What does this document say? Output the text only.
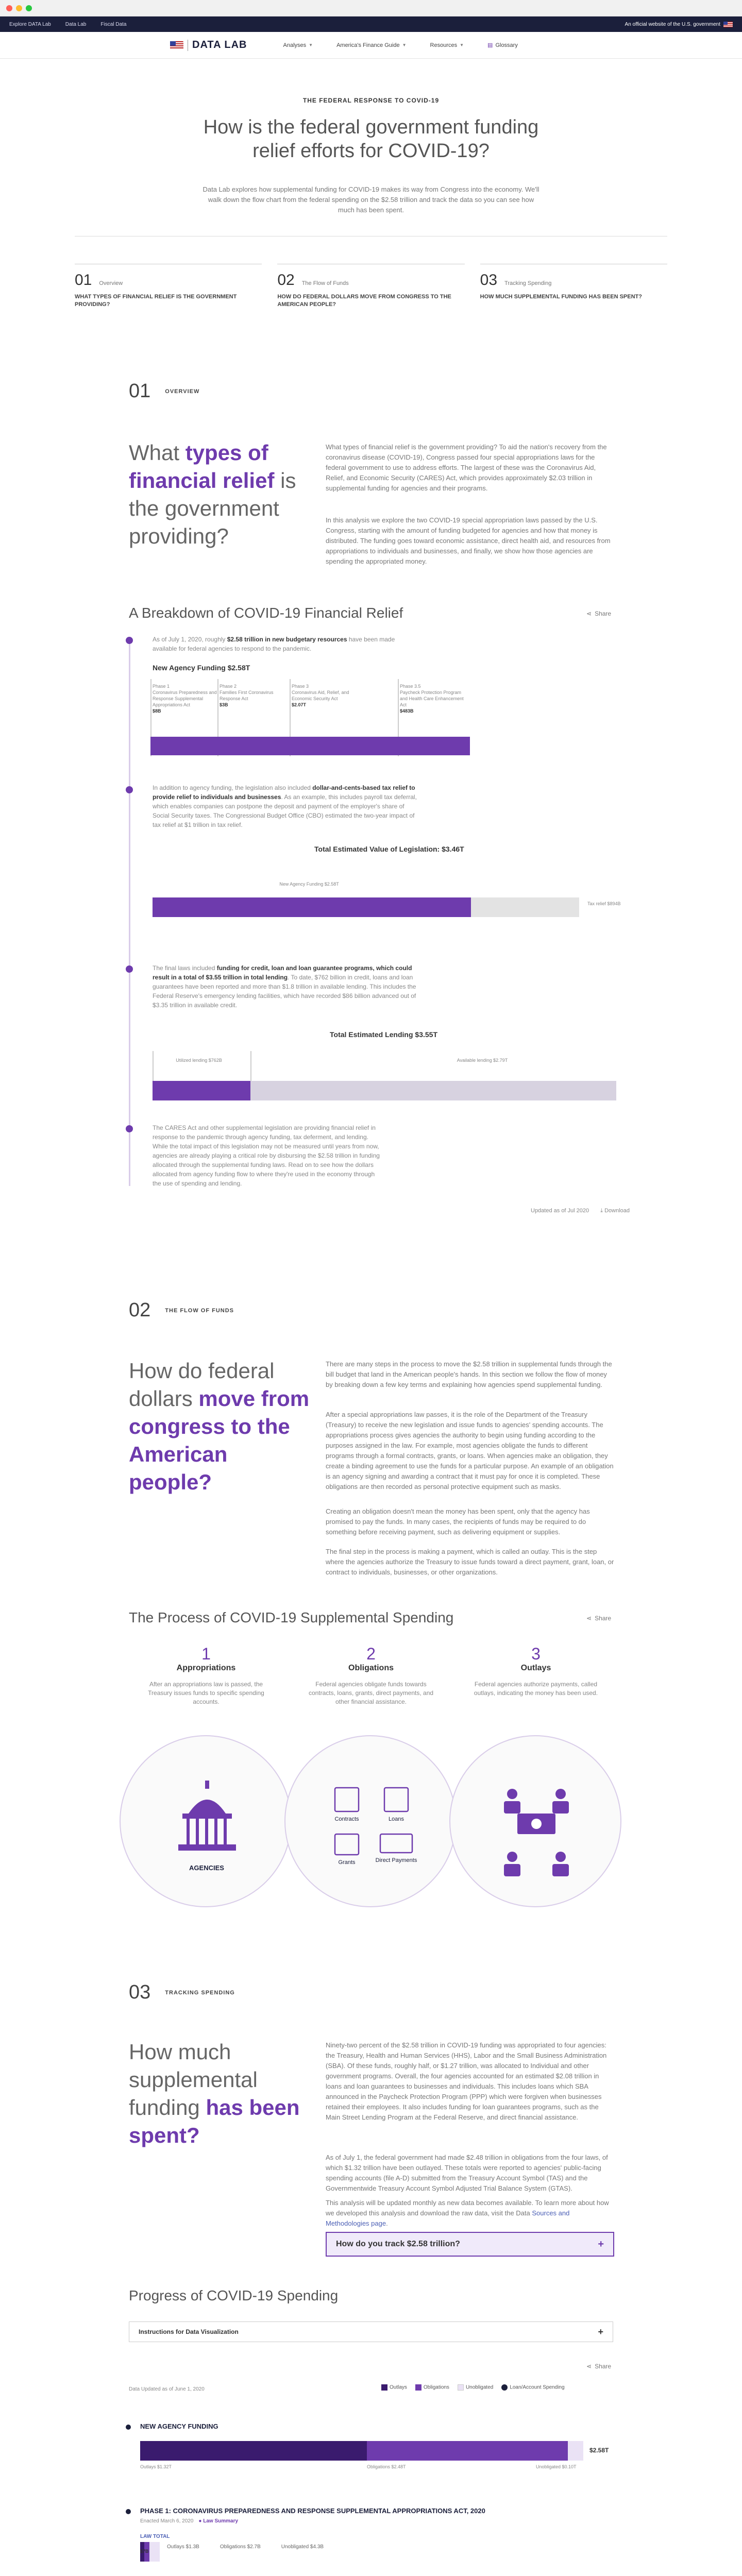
Explore DATA Lab	Data Lab	Fiscal Data	An official website of the U.S. government
DATA LAB	Analyses ▼	America's Finance Guide ▼	Resources ▼	▤ Glossary
THE FEDERAL RESPONSE TO COVID-19
How is the federal government funding relief efforts for COVID-19?
Data Lab explores how supplemental funding for COVID-19 makes its way from Congress into the economy. We'll walk down the flow chart from the federal spending on the $2.58 trillion and track the data so you can see how much has been spent.
01 Overview
WHAT TYPES OF FINANCIAL RELIEF IS THE GOVERNMENT PROVIDING?
02 The Flow of Funds
HOW DO FEDERAL DOLLARS MOVE FROM CONGRESS TO THE AMERICAN PEOPLE?
03 Tracking Spending
HOW MUCH SUPPLEMENTAL FUNDING HAS BEEN SPENT?
01	OVERVIEW
What types of financial relief is the government providing?
What types of financial relief is the government providing? To aid the nation's recovery from the coronavirus disease (COVID-19), Congress passed four special appropriations laws for the federal government to use to address efforts. The largest of these was the Coronavirus Aid, Relief, and Economic Security (CARES) Act, which provides approximately $2.03 trillion in supplemental funding for agencies and their programs.
In this analysis we explore the two COVID-19 special appropriation laws passed by the U.S. Congress, starting with the amount of funding budgeted for agencies and how that money is distributed. The funding goes toward economic assistance, direct health aid, and resources from appropriations to individuals and businesses, and finally, we show how those agencies are spending the appropriated money.
A Breakdown of COVID-19 Financial Relief	⋖ Share
As of July 1, 2020, roughly $2.58 trillion in new budgetary resources have been made available for federal agencies to respond to the pandemic.
New Agency Funding $2.58T
Phase 1
Coronavirus Preparedness and Response Supplemental Appropriations Act
$8B
Phase 2
Families First Coronavirus Response Act
$3B
Phase 3
Coronavirus Aid, Relief, and Economic Security Act
$2.07T
Phase 3.5
Paycheck Protection Program and Health Care Enhancement Act
$483B
In addition to agency funding, the legislation also included dollar-and-cents-based tax relief to provide relief to individuals and businesses. As an example, this includes payroll tax deferral, which enables companies can postpone the deposit and payment of the employer's share of Social Security taxes. The Congressional Budget Office (CBO) estimated the two-year impact of tax relief at $1 trillion in tax relief.
Total Estimated Value of Legislation: $3.46T
New Agency Funding $2.58T
Tax relief $894B
The final laws included funding for credit, loan and loan guarantee programs, which could result in a total of $3.55 trillion in total lending. To date, $762 billion in credit, loans and loan guarantees have been reported and more than $1.8 trillion in available lending. This includes the Federal Reserve's emergency lending facilities, which have recorded $86 billion advanced out of $3.35 trillion in available credit.
Total Estimated Lending $3.55T
Utilized lending $762B	Available lending $2.79T
The CARES Act and other supplemental legislation are providing financial relief in response to the pandemic through agency funding, tax deferment, and lending. While the total impact of this legislation may not be measured until years from now, agencies are already playing a critical role by disbursing the $2.58 trillion in funding allocated through the supplemental funding laws. Read on to see how the dollars allocated from agency funding flow to where they're used in the economy through the use of spending and lending.
Updated as of Jul 2020 ⤓ Download
02	THE FLOW OF FUNDS
How do federal dollars move from congress to the American people?
There are many steps in the process to move the $2.58 trillion in supplemental funds through the bill budget that land in the American people's hands. In this section we follow the flow of money by breaking down a few key terms and explaining how agencies spend supplemental funding.
After a special appropriations law passes, it is the role of the Department of the Treasury (Treasury) to receive the new legislation and issue funds to agencies' spending accounts. The appropriations process gives agencies the authority to begin using funding according to the purposes assigned in the law. For example, most agencies obligate the funds to different programs through a formal contracts, grants, or loans. When agencies make an obligation, they create a binding agreement to use the funds for a particular purpose. An example of an obligation is an agency signing and awarding a contract that it must pay for once it is completed. These obligations are then recorded as personal protective equipment such as masks.
Creating an obligation doesn't mean the money has been spent, only that the agency has promised to pay the funds. In many cases, the recipients of funds may be required to do something before receiving payment, such as delivering equipment or supplies.
The final step in the process is making a payment, which is called an outlay. This is the step where the agencies authorize the Treasury to issue funds toward a direct payment, grant, loan, or contract to individuals, businesses, or other organizations.
The Process of COVID-19 Supplemental Spending	⋖ Share
1
Appropriations
After an appropriations law is passed, the Treasury issues funds to specific spending accounts.
2
Obligations
Federal agencies obligate funds towards contracts, loans, grants, direct payments, and other financial assistance.
3
Outlays
Federal agencies authorize payments, called outlays, indicating the money has been used.
AGENCIES
Contracts	Loans
Grants	Direct Payments
03	TRACKING SPENDING
How much supplemental funding has been spent?
Ninety-two percent of the $2.58 trillion in COVID-19 funding was appropriated to four agencies: the Treasury, Health and Human Services (HHS), Labor and the Small Business Administration (SBA). Of these funds, roughly half, or $1.27 trillion, was allocated to Individual and other government programs. Overall, the four agencies accounted for an estimated $2.08 trillion in loans and loan guarantees to businesses and individuals. This includes loans which SBA announced in the Paycheck Protection Program (PPP) which were forgiven when businesses retained their employees. It also includes funding for loan guarantees programs, such as the Main Street Lending Program at the Federal Reserve, and direct financial assistance.
As of July 1, the federal government had made $2.48 trillion in obligations from the four laws, of which $1.32 trillion have been outlayed. These totals were reported to agencies' public-facing spending accounts (file A-D) submitted from the Treasury Account Symbol (TAS) and the Governmentwide Treasury Account Symbol Adjusted Trial Balance System (GTAS).
This analysis will be updated monthly as new data becomes available. To learn more about how we developed this analysis and download the raw data, visit the Data Sources and Methodologies page.
How do you track $2.58 trillion?	+
Progress of COVID-19 Spending
Instructions for Data Visualization	+
⋖ Share
Data Updated as of June 1, 2020	Outlays	Obligations	Unobligated	Loan/Account Spending
NEW AGENCY FUNDING
$2.58T
Outlays $1.32T	Obligations $2.48T	Unobligated $0.10T
PHASE 1: CORONAVIRUS PREPAREDNESS AND RESPONSE SUPPLEMENTAL APPROPRIATIONS ACT, 2020
Enacted March 6, 2020 ● Law Summary
LAW TOTAL
$7B
Outlays $1.3B	Obligations $2.7B	Unobligated $4.3B
